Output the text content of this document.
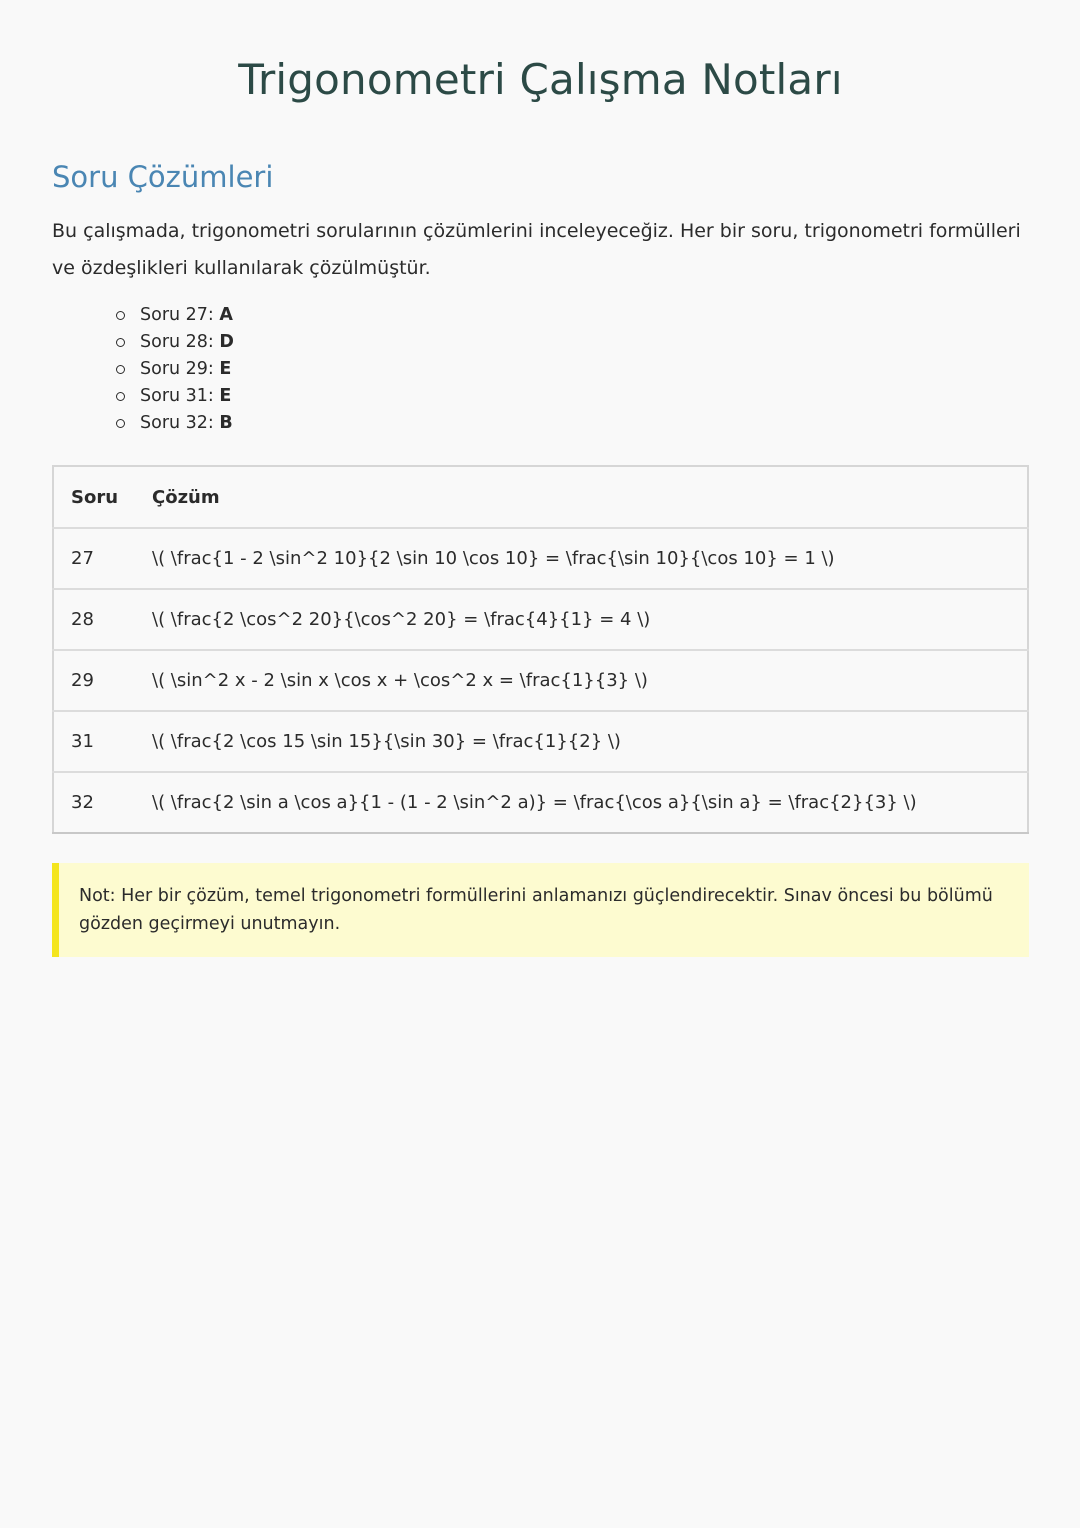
Trigonometri Çalışma Notları
Soru Çözümleri

Bu çalışmada, trigonometri sorularının çözümlerini inceleyeceğiz. Her bir soru, trigonometri formülleri ve özdeşlikleri kullanılarak çözülmüştür.

Soru 27: A
Soru 28: D
Soru 29: E
Soru 31: E
Soru 32: B
Soru	Çözüm
27	\( \frac{1 - 2 \sin^2 10}{2 \sin 10 \cos 10} = \frac{\sin 10}{\cos 10} = 1 \)
28	\( \frac{2 \cos^2 20}{\cos^2 20} = \frac{4}{1} = 4 \)
29	\( \sin^2 x - 2 \sin x \cos x + \cos^2 x = \frac{1}{3} \)
31	\( \frac{2 \cos 15 \sin 15}{\sin 30} = \frac{1}{2} \)
32	\( \frac{2 \sin a \cos a}{1 - (1 - 2 \sin^2 a)} = \frac{\cos a}{\sin a} = \frac{2}{3} \)
Not: Her bir çözüm, temel trigonometri formüllerini anlamanızı güçlendirecektir. Sınav öncesi bu bölümü gözden geçirmeyi unutmayın.
